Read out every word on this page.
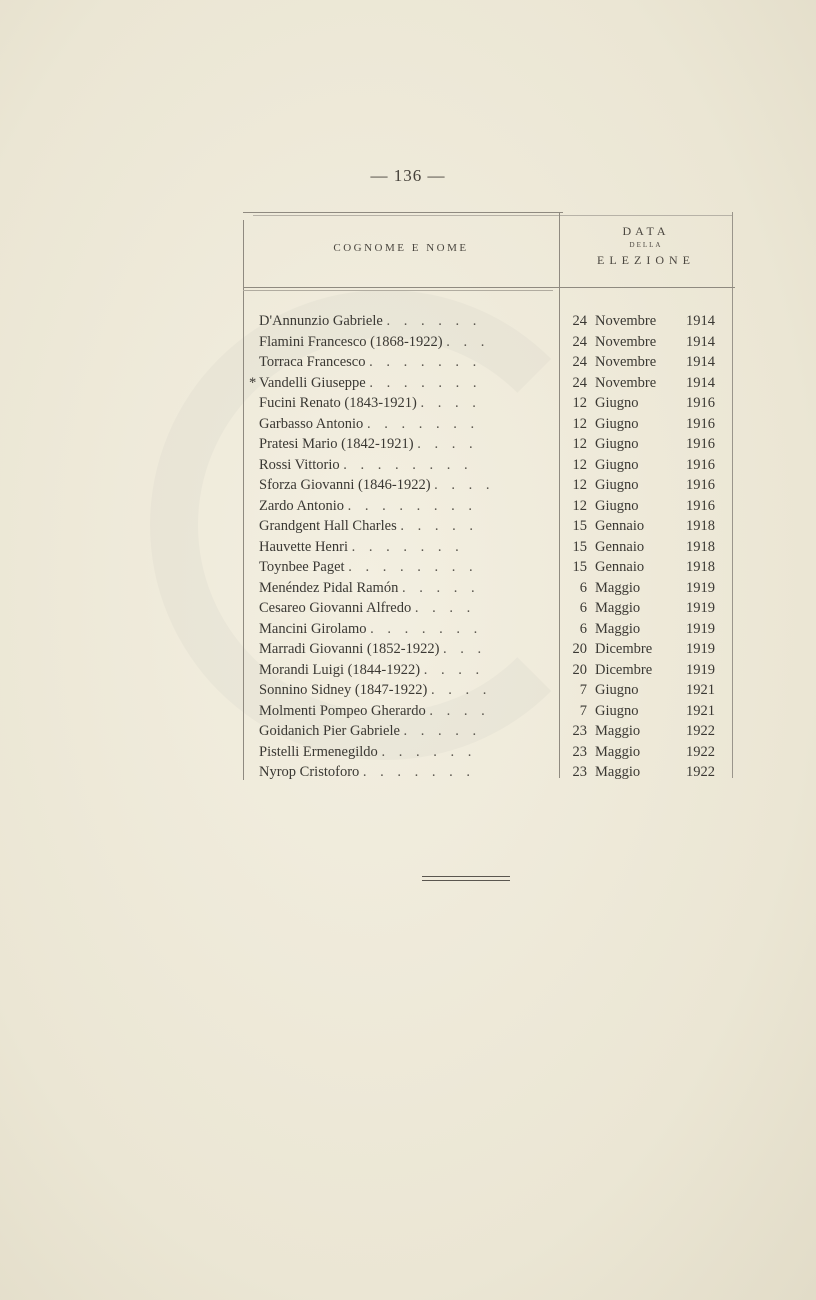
— 136 —
COGNOME E NOME
DATA
DELLA
ELEZIONE
D'Annunzio Gabriele . . . . . .	24 Novembre 1914
Flamini Francesco (1868-1922) . . .	24 Novembre 1914
Torraca Francesco . . . . . . .	24 Novembre 1914
* Vandelli Giuseppe . . . . . . .	24 Novembre 1914
Fucini Renato (1843-1921) . . . .	12 Giugno	1916
Garbasso Antonio . . . . . . .	12 Giugno	1916
Pratesi Mario (1842-1921) . . . .	12 Giugno	1916
Rossi Vittorio . . . . . . . .	12 Giugno	1916
Sforza Giovanni (1846-1922) . . . .	12 Giugno	1916
Zardo Antonio . . . . . . . .	12 Giugno	1916
Grandgent Hall Charles . . . . .	15 Gennaio	1918
Hauvette Henri . . . . . . .	15 Gennaio	1918
Toynbee Paget . . . . . . . .	15 Gennaio	1918
Menéndez Pidal Ramón . . . . .	6 Maggio	1919
Cesareo Giovanni Alfredo . . . .	6 Maggio	1919
Mancini Girolamo . . . . . . .	6 Maggio	1919
Marradi Giovanni (1852-1922) . . .	20 Dicembre 1919
Morandi Luigi (1844-1922) . . . .	20 Dicembre 1919
Sonnino Sidney (1847-1922) . . . .	7 Giugno	1921
Molmenti Pompeo Gherardo . . . .	7 Giugno	1921
Goidanich Pier Gabriele . . . . .	23 Maggio	1922
Pistelli Ermenegildo . . . . . .	23 Maggio	1922
Nyrop Cristoforo . . . . . . .	23 Maggio	1922
